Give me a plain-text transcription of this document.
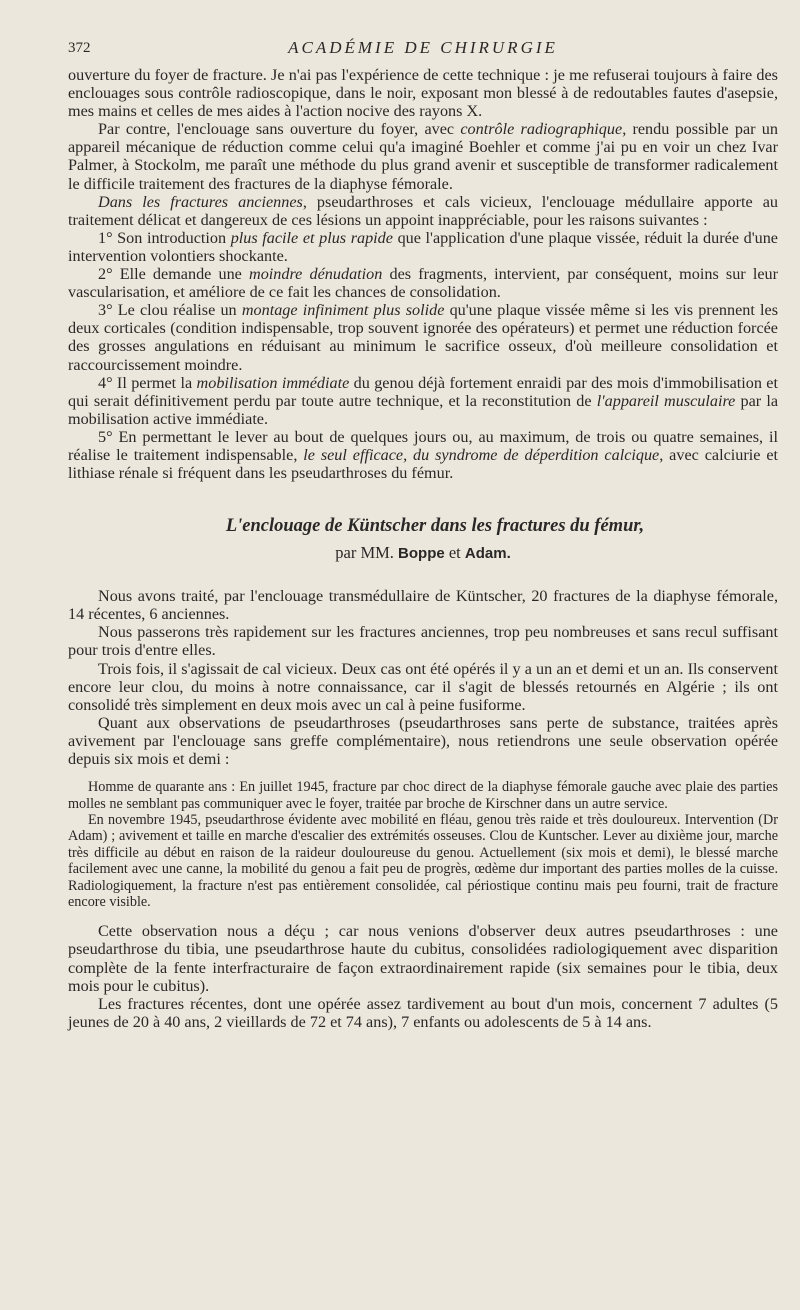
372	ACADÉMIE DE CHIRURGIE

ouverture du foyer de fracture. Je n'ai pas l'expérience de cette technique : je me refuserai toujours à faire des enclouages sous contrôle radioscopique, dans le noir, exposant mon blessé à de redoutables fautes d'asepsie, mes mains et celles de mes aides à l'action nocive des rayons X.

Par contre, l'enclouage sans ouverture du foyer, avec contrôle radiographique, rendu possible par un appareil mécanique de réduction comme celui qu'a imaginé Boehler et comme j'ai pu en voir un chez Ivar Palmer, à Stockolm, me paraît une méthode du plus grand avenir et susceptible de transformer radicalement le difficile traitement des fractures de la diaphyse fémorale.

Dans les fractures anciennes, pseudarthroses et cals vicieux, l'enclouage médullaire apporte au traitement délicat et dangereux de ces lésions un appoint inappréciable, pour les raisons suivantes :

1° Son introduction plus facile et plus rapide que l'application d'une plaque vissée, réduit la durée d'une intervention volontiers shockante.

2° Elle demande une moindre dénudation des fragments, intervient, par conséquent, moins sur leur vascularisation, et améliore de ce fait les chances de consolidation.

3° Le clou réalise un montage infiniment plus solide qu'une plaque vissée même si les vis prennent les deux corticales (condition indispensable, trop souvent ignorée des opérateurs) et permet une réduction forcée des grosses angulations en réduisant au minimum le sacrifice osseux, d'où meilleure consolidation et raccourcissement moindre.

4° Il permet la mobilisation immédiate du genou déjà fortement enraidi par des mois d'immobilisation et qui serait définitivement perdu par toute autre technique, et la reconstitution de l'appareil musculaire par la mobilisation active immédiate.

5° En permettant le lever au bout de quelques jours ou, au maximum, de trois ou quatre semaines, il réalise le traitement indispensable, le seul efficace, du syndrome de déperdition calcique, avec calciurie et lithiase rénale si fréquent dans les pseudarthroses du fémur.

L'enclouage de Küntscher dans les fractures du fémur,
par MM. Boppe et Adam.

Nous avons traité, par l'enclouage transmédullaire de Küntscher, 20 fractures de la diaphyse fémorale, 14 récentes, 6 anciennes.

Nous passerons très rapidement sur les fractures anciennes, trop peu nombreuses et sans recul suffisant pour trois d'entre elles.

Trois fois, il s'agissait de cal vicieux. Deux cas ont été opérés il y a un an et demi et un an. Ils conservent encore leur clou, du moins à notre connaissance, car il s'agit de blessés retournés en Algérie ; ils ont consolidé très simplement en deux mois avec un cal à peine fusiforme.

Quant aux observations de pseudarthroses (pseudarthroses sans perte de substance, traitées après avivement par l'enclouage sans greffe complémentaire), nous retiendrons une seule observation opérée depuis six mois et demi :

Homme de quarante ans : En juillet 1945, fracture par choc direct de la diaphyse fémorale gauche avec plaie des parties molles ne semblant pas communiquer avec le foyer, traitée par broche de Kirschner dans un autre service.

En novembre 1945, pseudarthrose évidente avec mobilité en fléau, genou très raide et très douloureux. Intervention (Dr Adam) ; avivement et taille en marche d'escalier des extrémités osseuses. Clou de Kuntscher. Lever au dixième jour, marche très difficile au début en raison de la raideur douloureuse du genou. Actuellement (six mois et demi), le blessé marche facilement avec une canne, la mobilité du genou a fait peu de progrès, œdème dur important des parties molles de la cuisse. Radiologiquement, la fracture n'est pas entièrement consolidée, cal périostique continu mais peu fourni, trait de fracture encore visible.

Cette observation nous a déçu ; car nous venions d'observer deux autres pseudarthroses : une pseudarthrose du tibia, une pseudarthrose haute du cubitus, consolidées radiologiquement avec disparition complète de la fente interfracturaire de façon extraordinairement rapide (six semaines pour le tibia, deux mois pour le cubitus).

Les fractures récentes, dont une opérée assez tardivement au bout d'un mois, concernent 7 adultes (5 jeunes de 20 à 40 ans, 2 vieillards de 72 et 74 ans), 7 enfants ou adolescents de 5 à 14 ans.
